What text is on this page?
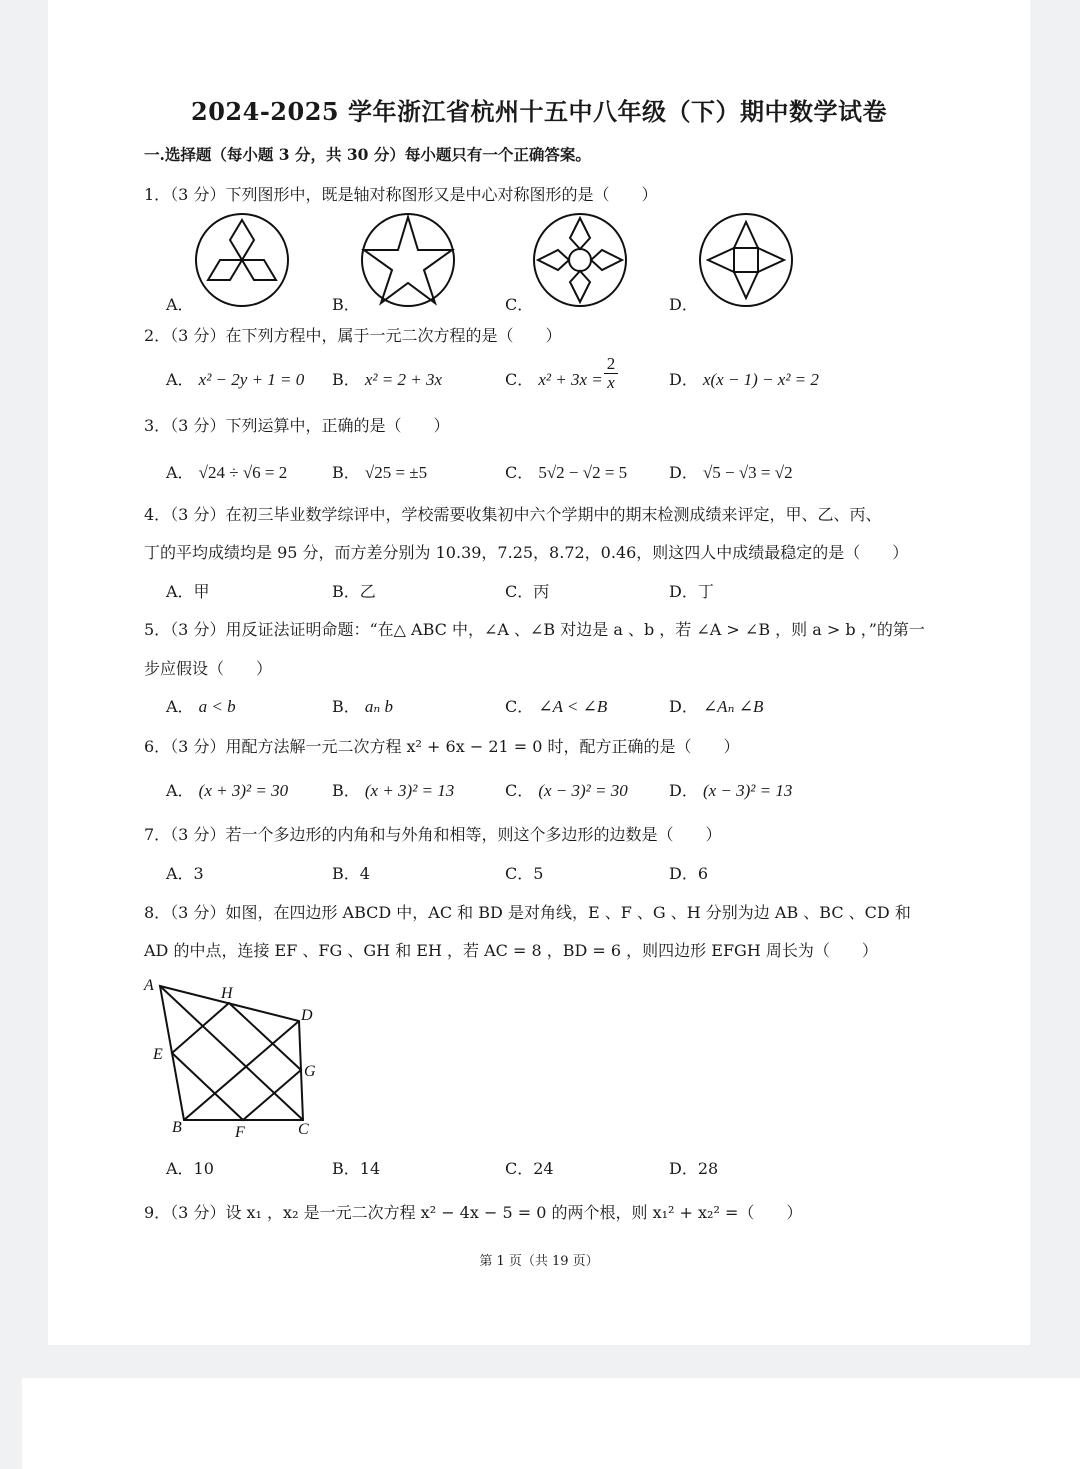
2024-2025 学年浙江省杭州十五中八年级（下）期中数学试卷
一.选择题（每小题 3 分，共 30 分）每小题只有一个正确答案。
1．（3 分）下列图形中，既是轴对称图形又是中心对称图形的是（　　）
A．	B．	C．	D．
2．（3 分）在下列方程中，属于一元二次方程的是（　　）
A． x² − 2y + 1 = 0 B． x² = 2 + 3x	C． x² + 3x =
2
x	D． x(x − 1) − x² = 2
3．（3 分）下列运算中，正确的是（　　）
A． √24 ÷ √6 = 2	B． √25 = ±5	C． 5√2 − √2 = 5	D． √5 − √3 = √2
4．（3 分）在初三毕业数学综评中，学校需要收集初中六个学期中的期末检测成绩来评定，甲、乙、丙、
丁的平均成绩均是 95 分，而方差分别为 10.39，7.25，8.72，0.46，则这四人中成绩最稳定的是（　　）
A．甲	B．乙	C．丙	D．丁
5．（3 分）用反证法证明命题：“在△ ABC 中，∠A 、∠B 对边是 a 、b ，若 ∠A > ∠B ，则 a > b ，”的第一
步应假设（　　）
A． a < b	B． aₙ b	C． ∠A < ∠B	D． ∠Aₙ ∠B
6．（3 分）用配方法解一元二次方程 x² + 6x − 21 = 0 时，配方正确的是（　　）
A． (x + 3)² = 30	B． (x + 3)² = 13	C． (x − 3)² = 30	D． (x − 3)² = 13
7．（3 分）若一个多边形的内角和与外角和相等，则这个多边形的边数是（　　）
A．3	B．4	C．5	D．6
8．（3 分）如图，在四边形 ABCD 中，AC 和 BD 是对角线，E 、F 、G 、H 分别为边 AB 、BC 、CD 和
AD 的中点，连接 EF 、FG 、GH 和 EH ，若 AC = 8 ，BD = 6 ，则四边形 EFGH 周长为（　　）
A	H
D
E
G
B	F	C
A．10	B．14	C．24	D．28
9．（3 分）设 x₁ ，x₂ 是一元二次方程 x² − 4x − 5 = 0 的两个根，则 x₁² + x₂² =（　　）
第 1 页（共 19 页）
